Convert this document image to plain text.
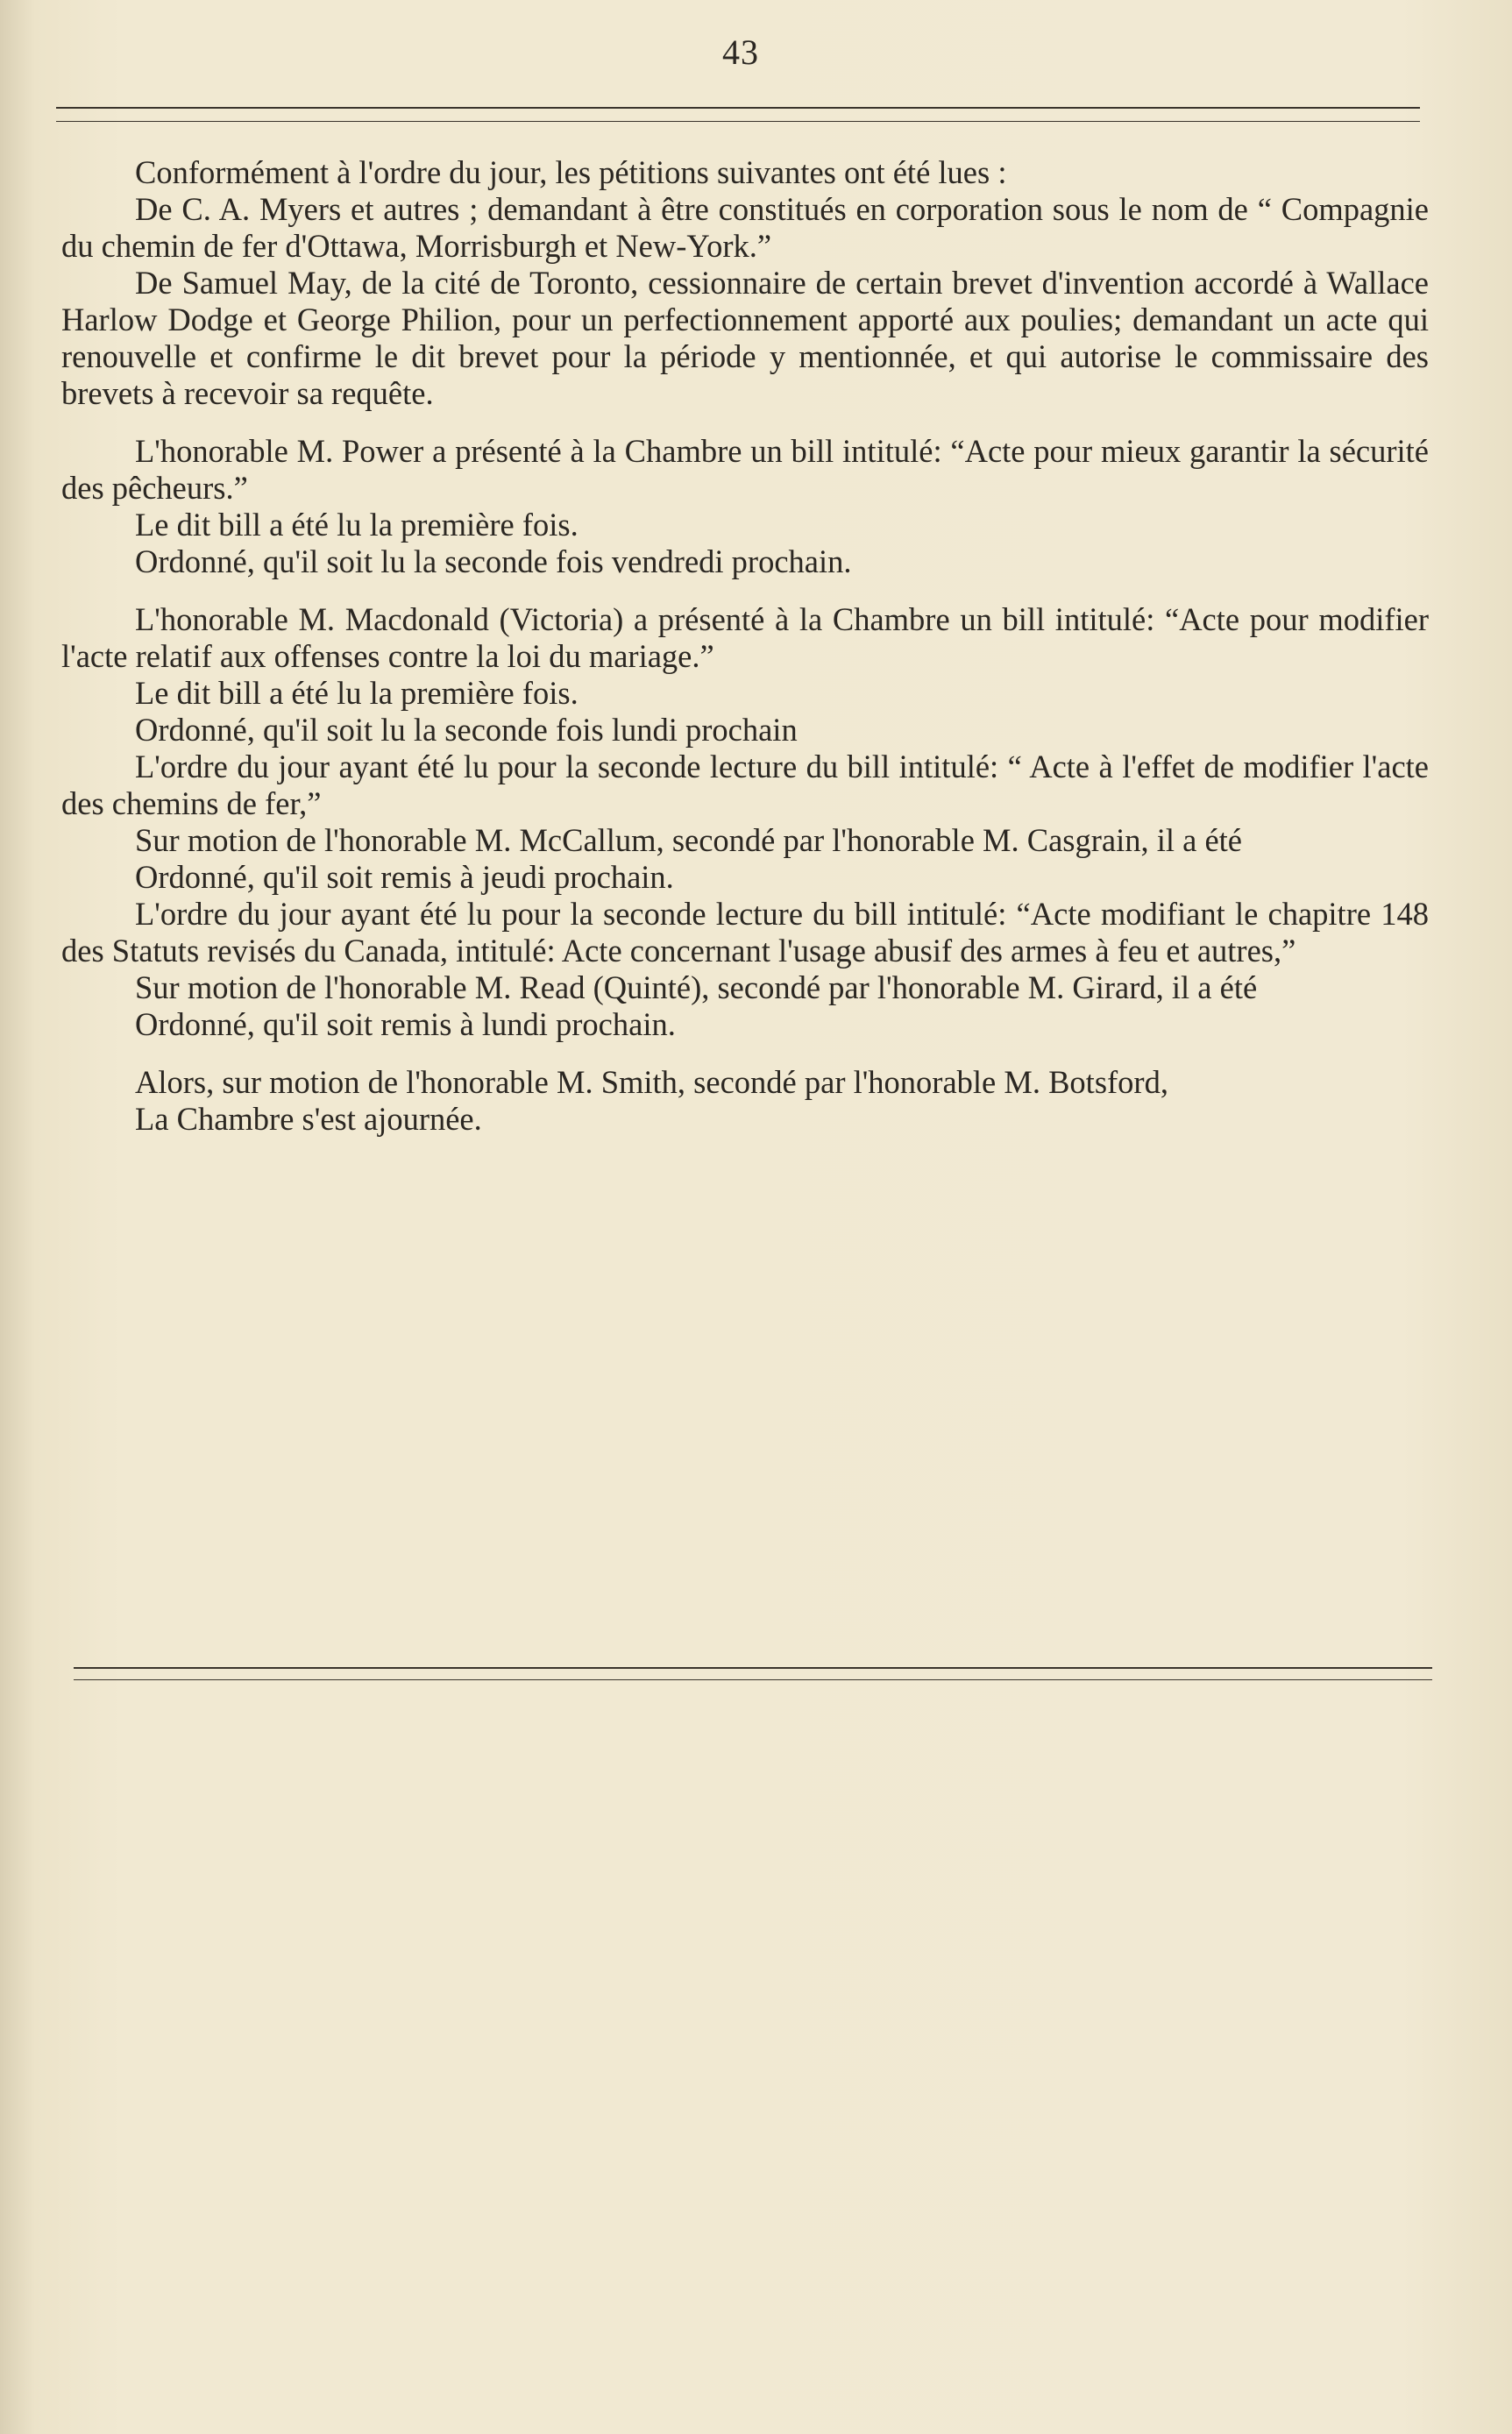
43

Conformément à l'ordre du jour, les pétitions suivantes ont été lues :

De C. A. Myers et autres ; demandant à être constitués en corporation sous le nom de “ Compagnie du chemin de fer d'Ottawa, Morrisburgh et New-York.”

De Samuel May, de la cité de Toronto, cessionnaire de certain brevet d'invention accordé à Wallace Harlow Dodge et George Philion, pour un perfectionnement apporté aux poulies; demandant un acte qui renouvelle et confirme le dit brevet pour la période y mentionnée, et qui autorise le commissaire des brevets à recevoir sa requête.

L'honorable M. Power a présenté à la Chambre un bill intitulé: “Acte pour mieux garantir la sécurité des pêcheurs.”

Le dit bill a été lu la première fois.

Ordonné, qu'il soit lu la seconde fois vendredi prochain.

L'honorable M. Macdonald (Victoria) a présenté à la Chambre un bill intitulé: “Acte pour modifier l'acte relatif aux offenses contre la loi du mariage.”

Le dit bill a été lu la première fois.

Ordonné, qu'il soit lu la seconde fois lundi prochain

L'ordre du jour ayant été lu pour la seconde lecture du bill intitulé: “ Acte à l'effet de modifier l'acte des chemins de fer,”

Sur motion de l'honorable M. McCallum, secondé par l'honorable M. Casgrain, il a été

Ordonné, qu'il soit remis à jeudi prochain.

L'ordre du jour ayant été lu pour la seconde lecture du bill intitulé: “Acte modifiant le chapitre 148 des Statuts revisés du Canada, intitulé: Acte concernant l'usage abusif des armes à feu et autres,”

Sur motion de l'honorable M. Read (Quinté), secondé par l'honorable M. Girard, il a été

Ordonné, qu'il soit remis à lundi prochain.

Alors, sur motion de l'honorable M. Smith, secondé par l'honorable M. Botsford,
La Chambre s'est ajournée.
